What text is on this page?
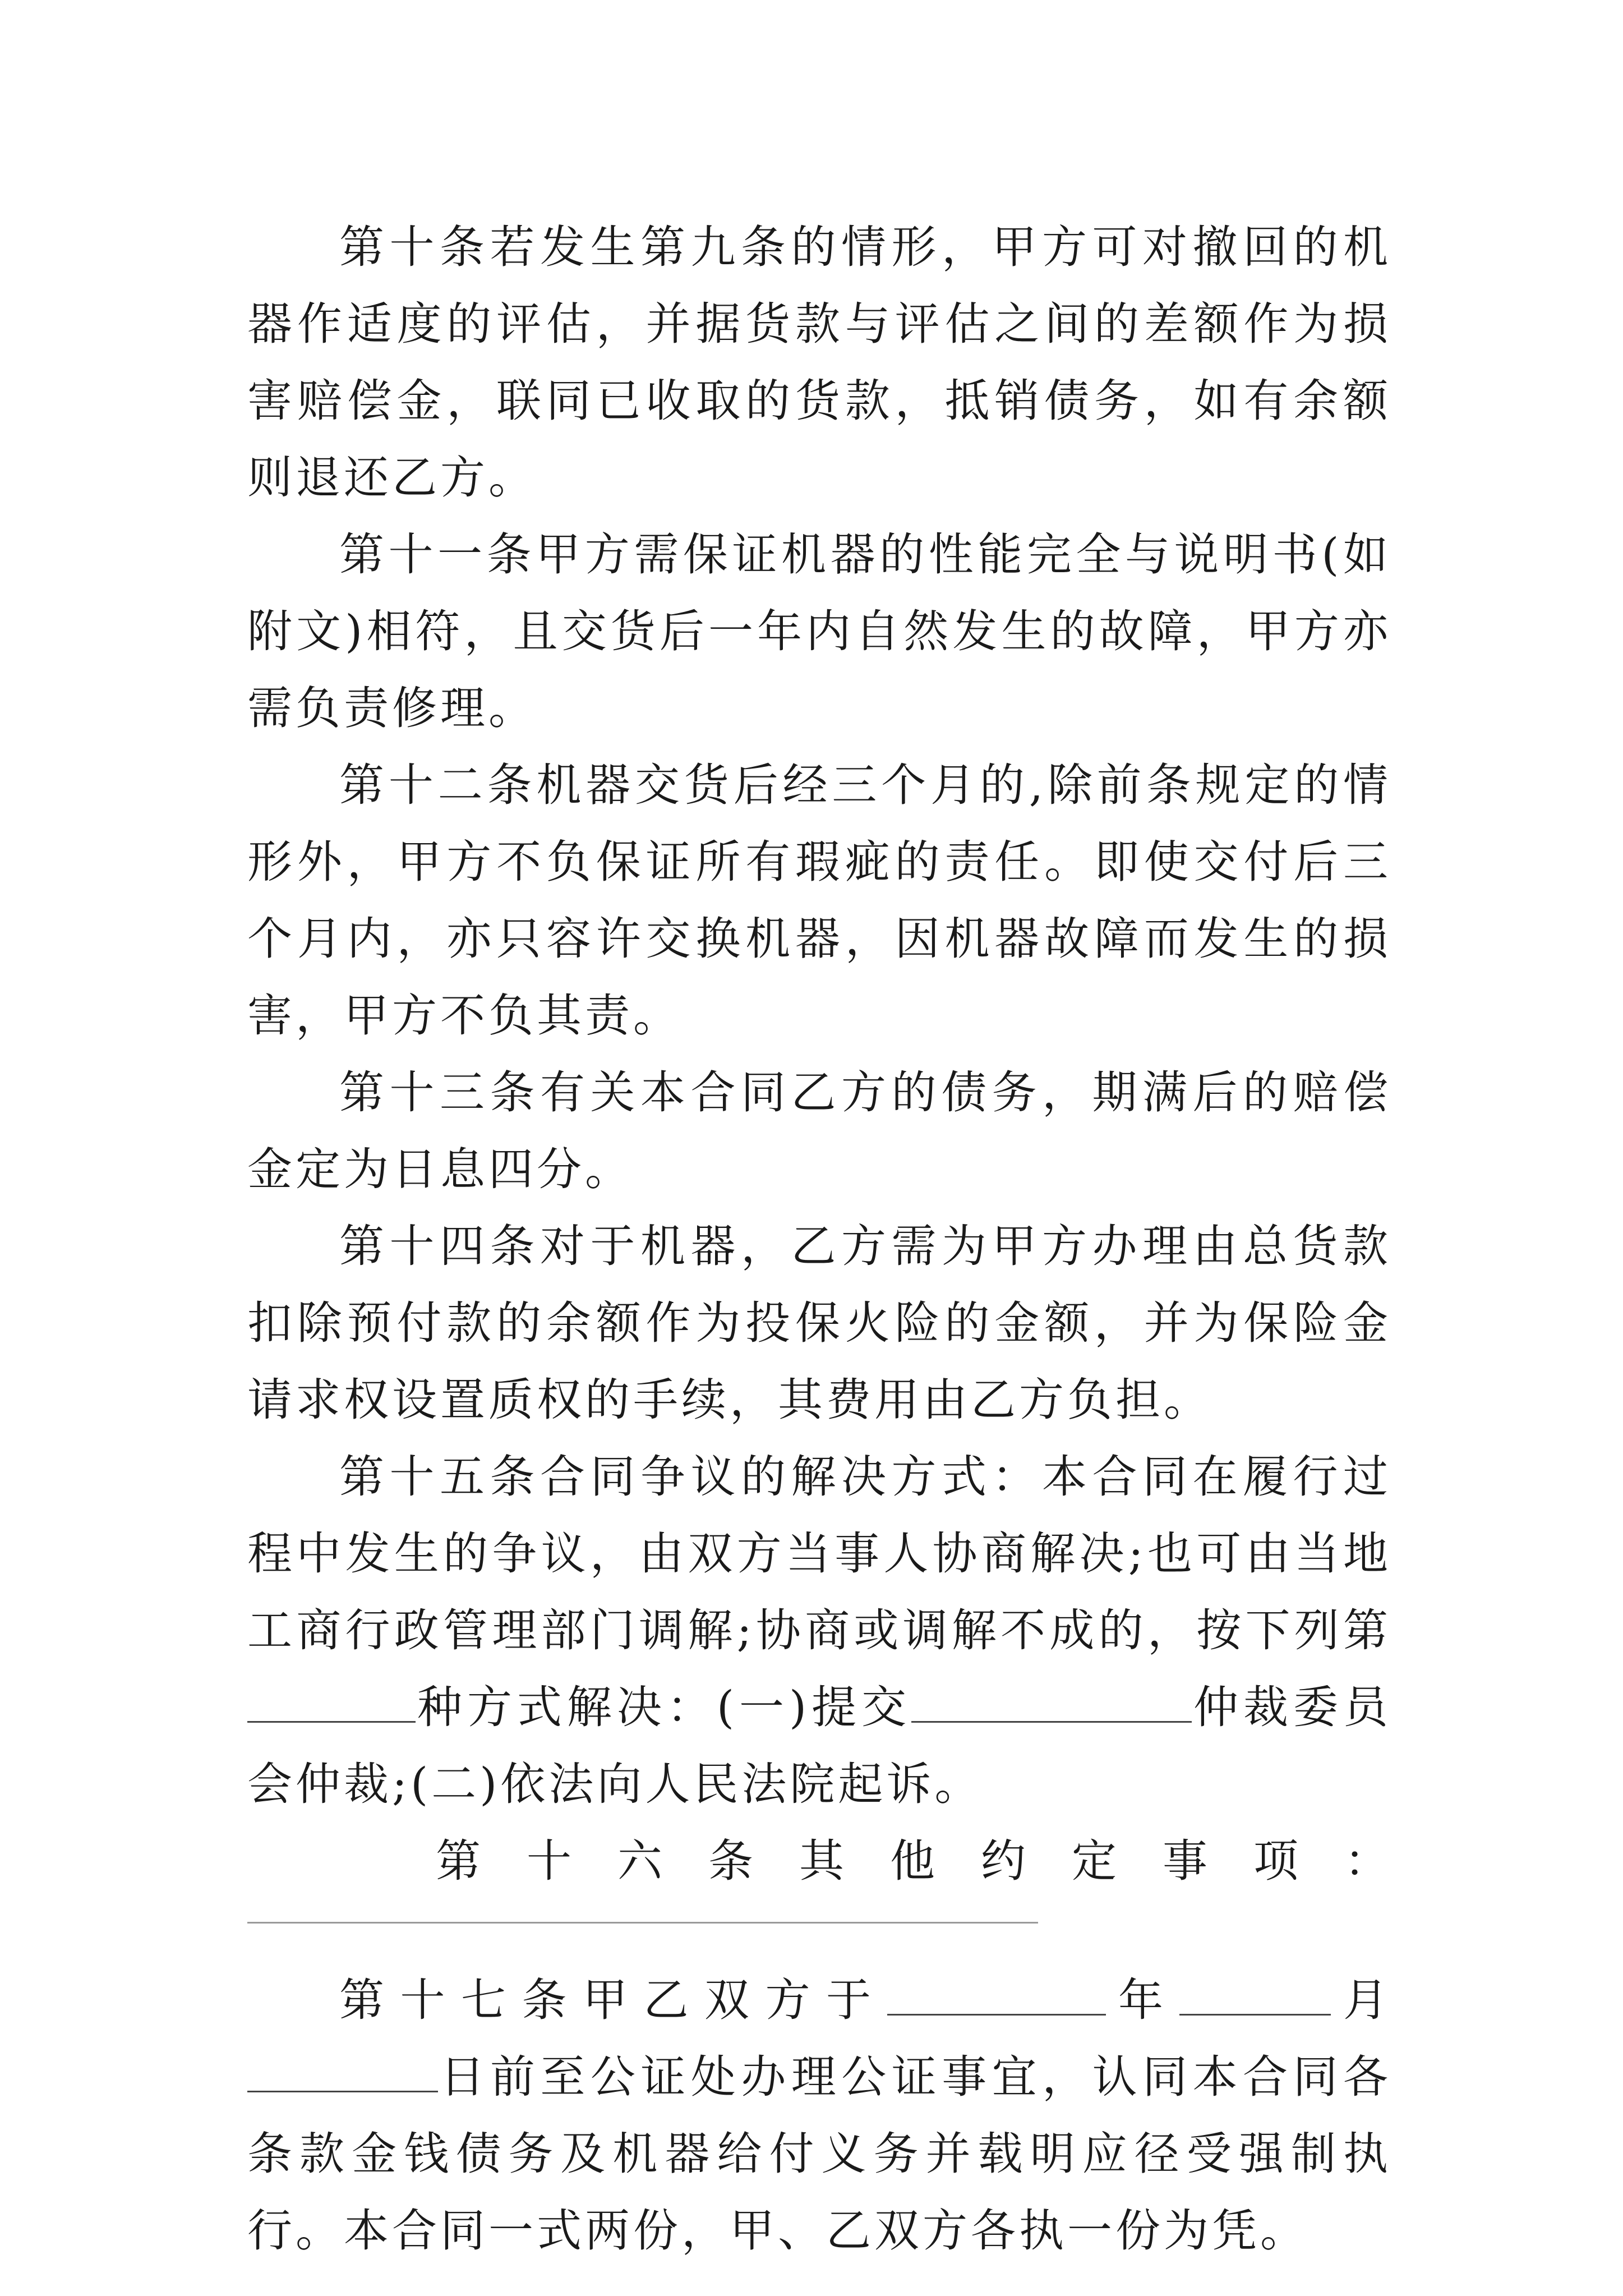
第十条若发生第九条的情形，甲方可对撤回的机器作适度的评估，并据货款与评估之间的差额作为损害赔偿金，联同已收取的货款，抵销债务，如有余额则退还乙方。

第十一条甲方需保证机器的性能完全与说明书(如附文)相符，且交货后一年内自然发生的故障，甲方亦需负责修理。

第十二条机器交货后经三个月的,除前条规定的情形外，甲方不负保证所有瑕疵的责任。即使交付后三个月内，亦只容许交换机器，因机器故障而发生的损害，甲方不负其责。

第十三条有关本合同乙方的债务，期满后的赔偿金定为日息四分。

第十四条对于机器，乙方需为甲方办理由总货款扣除预付款的余额作为投保火险的金额，并为保险金请求权设置质权的手续，其费用由乙方负担。

第十五条合同争议的解决方式：本合同在履行过程中发生的争议，由双方当事人协商解决;也可由当地工商行政管理部门调解;协商或调解不成的，按下列第种方式解决：(一)提交	仲裁委员会仲裁;(二)依法向人民法院起诉。

第十六条其他约定事项：

第十七条甲乙双方于	年	月日前至公证处办理公证事宜，认同本合同各条款金钱债务及机器给付义务并载明应径受强制执行。本合同一式两份，甲、乙双方各执一份为凭。
